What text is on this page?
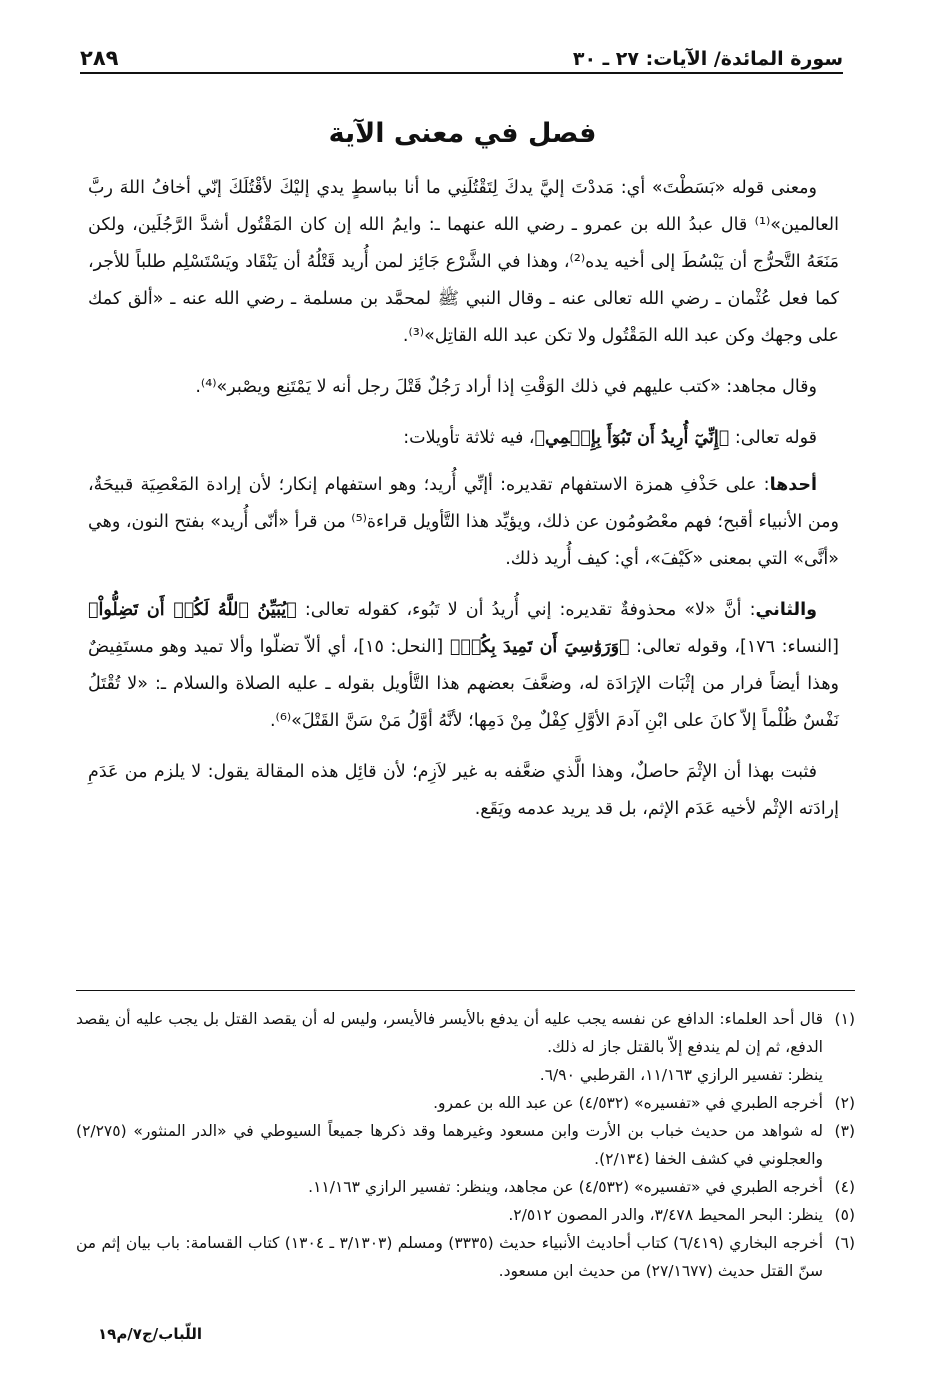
سورة المائدة/ الآيات: ٢٧ ـ ٣٠
٢٨٩
فصل في معنى الآية

ومعنى قوله «بَسَطْتَ» أي: مَددْتَ إليَّ يدكَ لِتَقْتُلَنِي ما أنا بباسطٍ يدي إليْكَ لأقْتُلَكَ إنّي أخافُ اللهَ ربَّ العالمين»⁽¹⁾ قال عبدُ الله بن عمرو ـ رضي الله عنهما ـ: وايمُ الله إن كان المَقْتُول أشدَّ الرَّجُلَين، ولكن مَنَعَهُ التَّحرُّج أن يَبْسُطَ إلى أخيه يده⁽²⁾، وهذا في الشَّرْع جَائِز لمن أُريد قَتْلُهُ أن يَنْقَاد ويَسْتَسْلِم طلباً للأجر، كما فعل عُثْمان ـ رضي الله تعالى عنه ـ وقال النبي ﷺ لمحمَّد بن مسلمة ـ رضي الله عنه ـ «ألق كمك على وجهك وكن عبد الله المَقْتُول ولا تكن عبد الله القاتِل»⁽³⁾.

وقال مجاهد: «كتب عليهم في ذلك الوَقْتِ إذا أراد رَجُلٌ قَتْلَ رجل أنه لا يَمْتَنِع ويصْبر»⁽⁴⁾.

قوله تعالى: ﴿إِنِّيٓ أُرِيدُ أَن تَبُوٓأَ بِإِثۡمِي﴾، فيه ثلاثة تأويلات:

أحدها: على حَذْفِ همزة الاستفهام تقديره: أإنِّي أُريد؛ وهو استفهام إنكار؛ لأن إرادة المَعْصِيَة قبيحَةٌ، ومن الأنبياء أقبح؛ فهم معْصُومُون عن ذلك، ويؤيِّد هذا التَّأويل قراءة⁽⁵⁾ من قرأ «أنّى أُريد» بفتح النون، وهي «أنَّى» التي بمعنى «كَيْفَ»، أي: كيف أُريد ذلك.

والثاني: أنَّ «لا» محذوفةٌ تقديره: إني أُريدُ أن لا تَبُوء، كقوله تعالى: ﴿يُبَيِّنُ ٱللَّهُ لَكُمۡ أَن تَضِلُّواْ﴾ [النساء: ١٧٦]، وقوله تعالى: ﴿وَرَوَٰسِيَ أَن تَمِيدَ بِكُمۡ﴾ [النحل: ١٥]، أي ألاّ تضلّوا وألا تميد وهو مستَفِيضٌ وهذا أيضاً فرار من إثْبَات الإرَادَة له، وضعَّفَ بعضهم هذا التَّأويل بقوله ـ عليه الصلاة والسلام ـ: «لا تُقْتَلُ نَفْسٌ ظُلْماً إلاّ كانَ على ابْنِ آدمَ الأوَّلِ كِفْلٌ مِنْ دَمِها؛ لأنَّهُ أوَّلُ مَنْ سَنَّ القَتْلَ»⁽⁶⁾.

فثبت بهذا أن الإثْمَ حاصلٌ، وهذا الَّذي ضعَّفه به غير لاَزِم؛ لأن قائِل هذه المقالة يقول: لا يلزم من عَدَمِ إرادَته الإثْم لأخيه عَدَم الإثم، بل قد يريد عدمه ويَقَع.

(١)
قال أحد العلماء: الدافع عن نفسه يجب عليه أن يدفع بالأيسر فالأيسر، وليس له أن يقصد القتل بل يجب عليه أن يقصد الدفع، ثم إن لم يندفع إلاّ بالقتل جاز له ذلك.
ينظر: تفسير الرازي ١١/١٦٣، القرطبي ٦/٩٠.
(٢)
أخرجه الطبري في «تفسيره» (٤/٥٣٢) عن عبد الله بن عمرو.
(٣)
له شواهد من حديث خباب بن الأرت وابن مسعود وغيرهما وقد ذكرها جميعاً السيوطي في «الدر المنثور» (٢/٢٧٥) والعجلوني في كشف الخفا (٢/١٣٤).
(٤)
أخرجه الطبري في «تفسيره» (٤/٥٣٢) عن مجاهد، وينظر: تفسير الرازي ١١/١٦٣.
(٥)
ينظر: البحر المحيط ٣/٤٧٨، والدر المصون ٢/٥١٢.
(٦)
أخرجه البخاري (٦/٤١٩) كتاب أحاديث الأنبياء حديث (٣٣٣٥) ومسلم (٣/١٣٠٣ ـ ١٣٠٤) كتاب القسامة: باب بيان إثم من سنّ القتل حديث (٢٧/١٦٧٧) من حديث ابن مسعود.
اللّباب/ج٧/م١٩
